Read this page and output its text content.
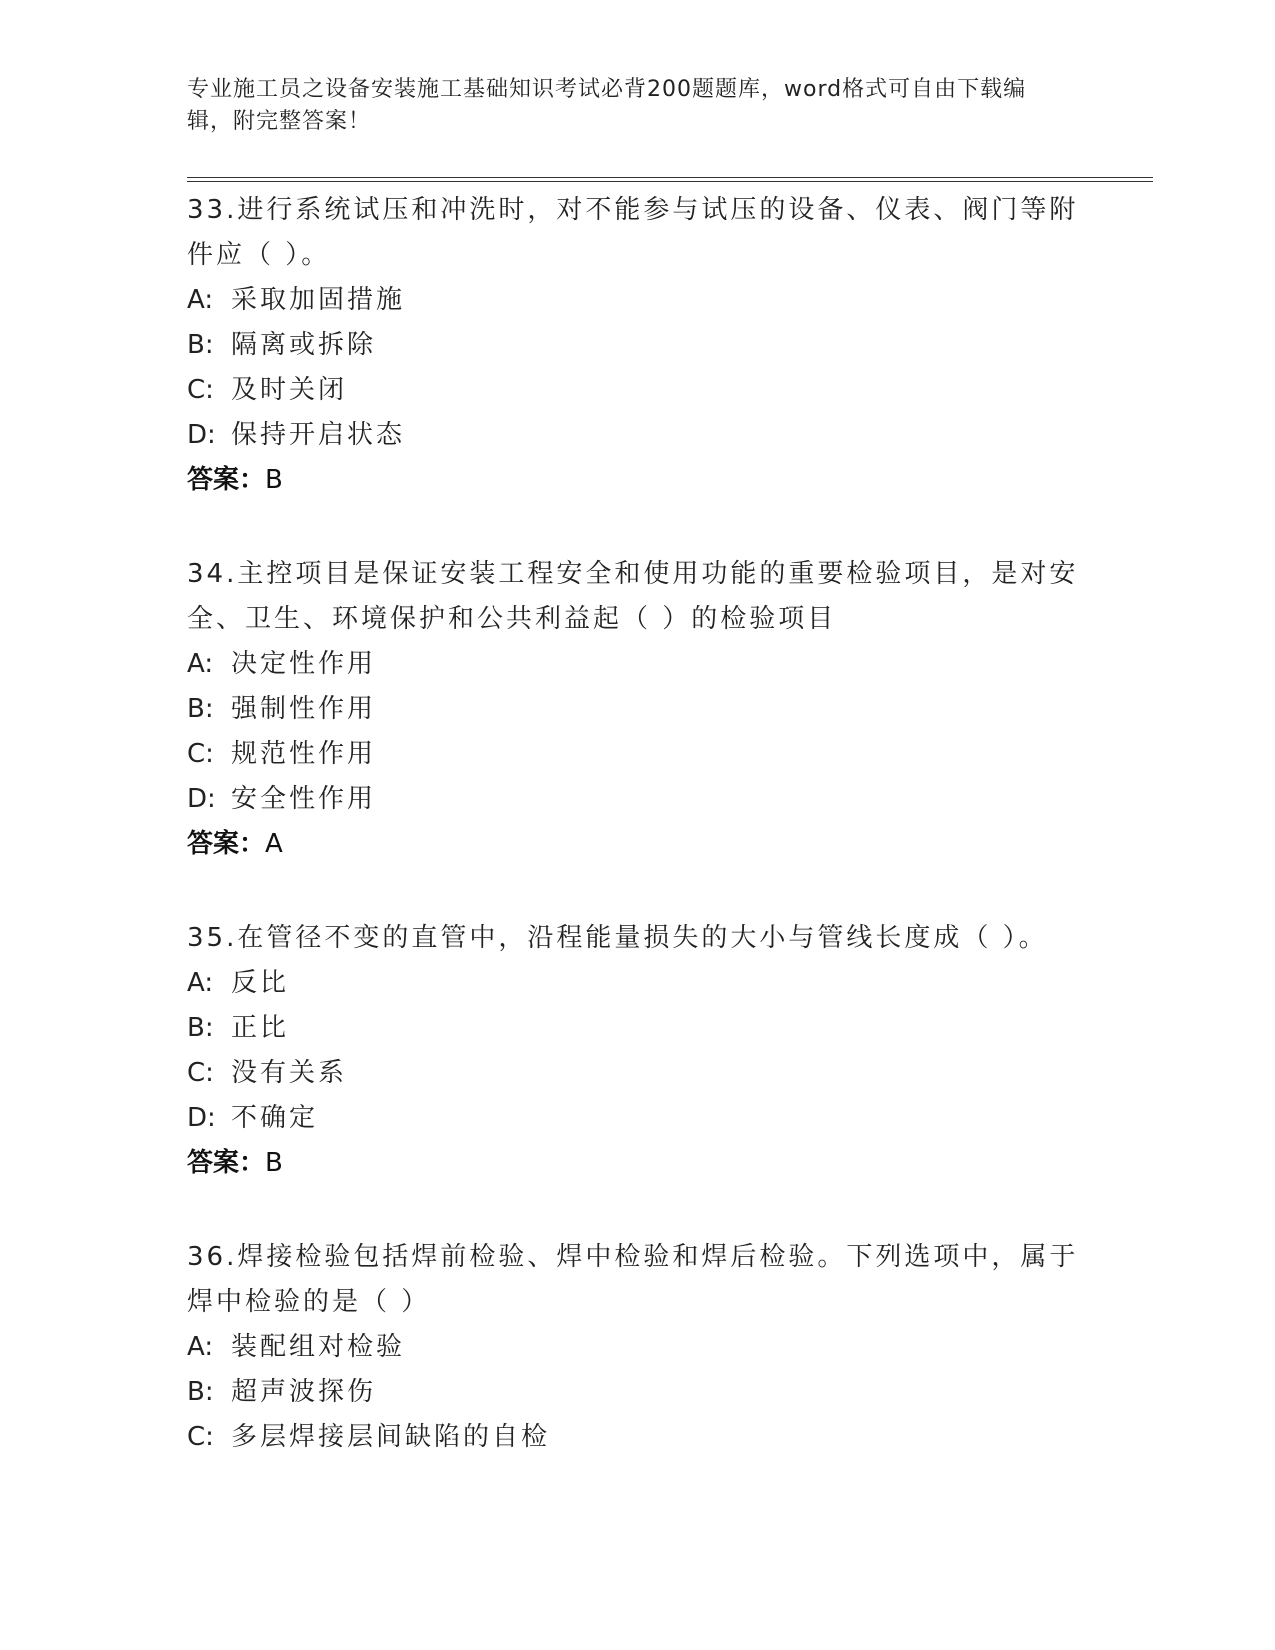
专业施工员之设备安装施工基础知识考试必背200题题库，word格式可自由下载编辑，附完整答案！

33.进行系统试压和冲洗时，对不能参与试压的设备、仪表、阀门等附件应（ ）。

A: 采取加固措施
B: 隔离或拆除
C: 及时关闭
D: 保持开启状态
答案：B

34.主控项目是保证安装工程安全和使用功能的重要检验项目，是对安全、卫生、环境保护和公共利益起（ ）的检验项目

A: 决定性作用
B: 强制性作用
C: 规范性作用
D: 安全性作用
答案：A

35.在管径不变的直管中，沿程能量损失的大小与管线长度成（ ）。

A: 反比
B: 正比
C: 没有关系
D: 不确定
答案：B

36.焊接检验包括焊前检验、焊中检验和焊后检验。下列选项中，属于焊中检验的是（ ）

A: 装配组对检验
B: 超声波探伤
C: 多层焊接层间缺陷的自检
